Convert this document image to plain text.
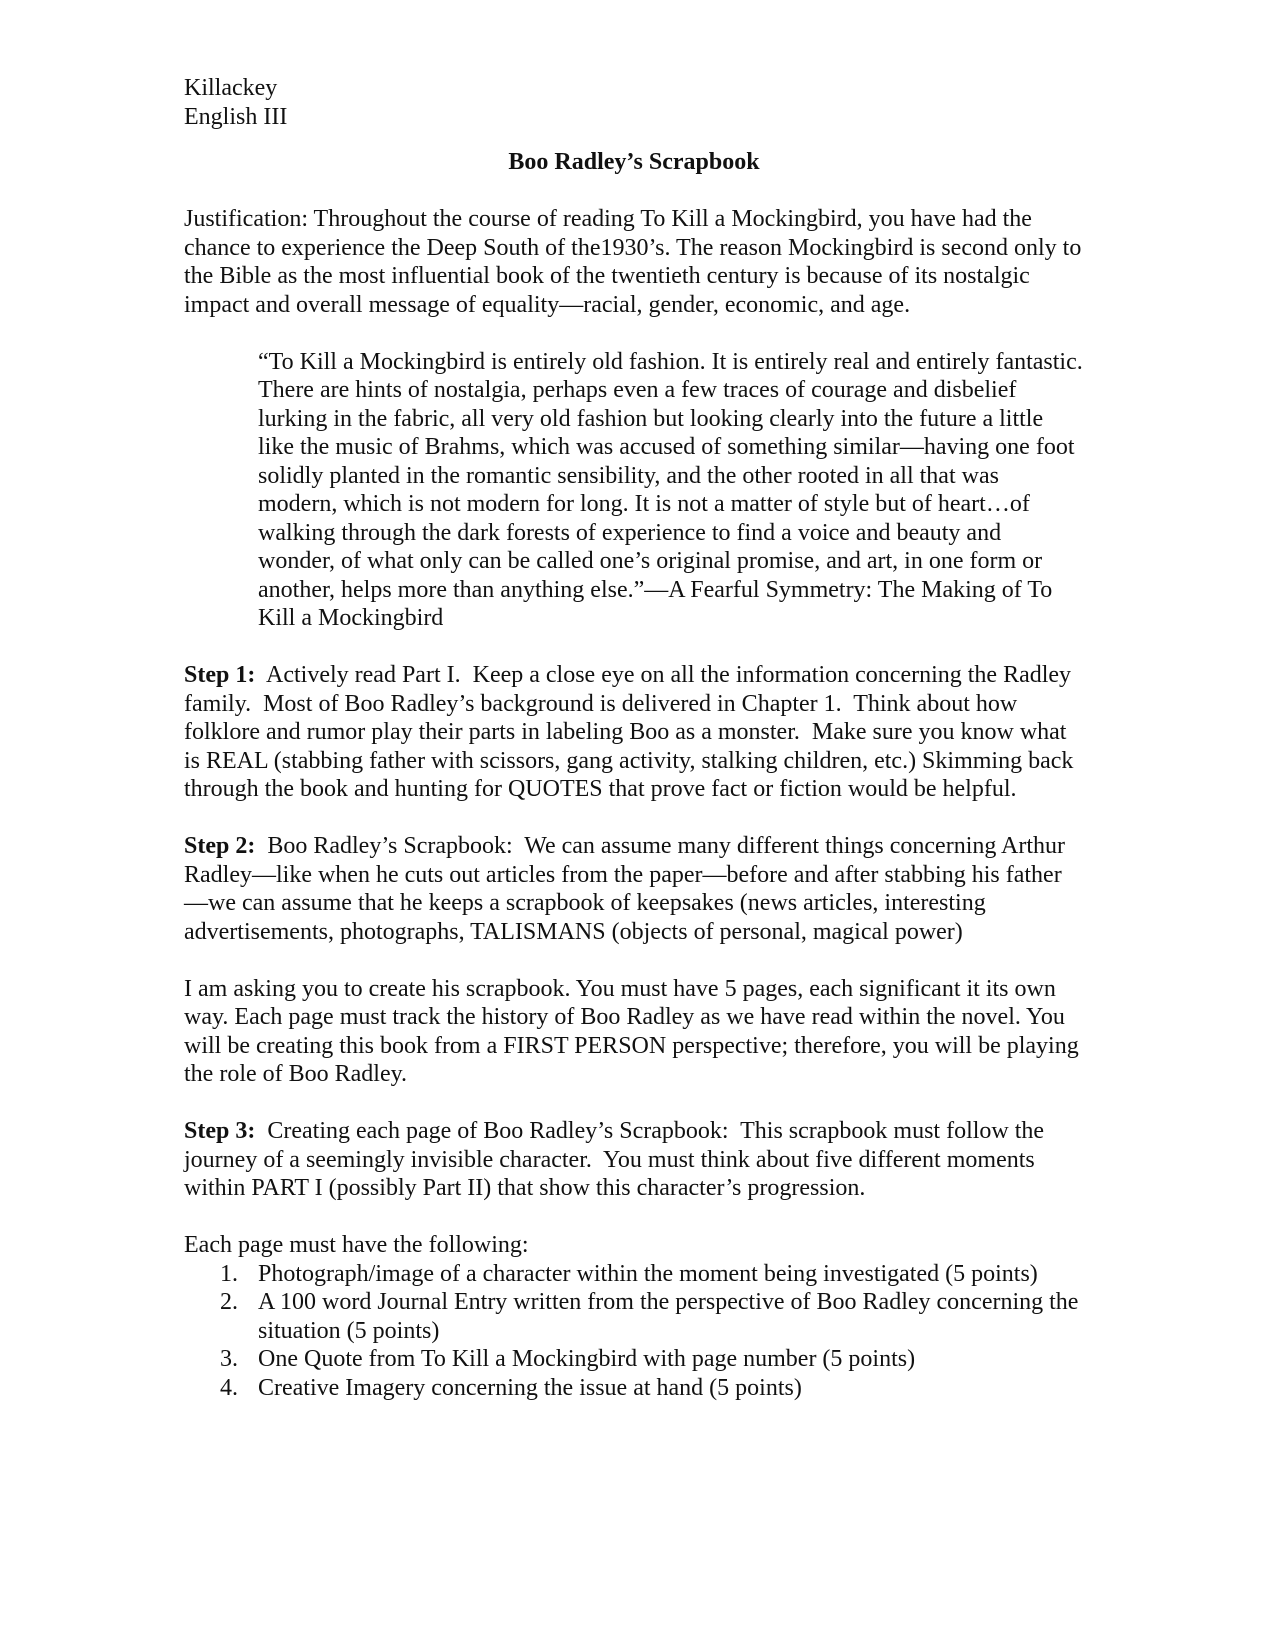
Killackey

English III

Boo Radley’s Scrapbook

Justification: Throughout the course of reading To Kill a Mockingbird, you have had the chance to experience the Deep South of the1930’s. The reason Mockingbird is second only to the Bible as the most influential book of the twentieth century is because of its nostalgic impact and overall message of equality—racial, gender, economic, and age.

“To Kill a Mockingbird is entirely old fashion. It is entirely real and entirely fantastic. There are hints of nostalgia, perhaps even a few traces of courage and disbelief lurking in the fabric, all very old fashion but looking clearly into the future a little like the music of Brahms, which was accused of something similar—having one foot solidly planted in the romantic sensibility, and the other rooted in all that was modern, which is not modern for long. It is not a matter of style but of heart…of walking through the dark forests of experience to find a voice and beauty and wonder, of what only can be called one’s original promise, and art, in one form or another, helps more than anything else.”—A Fearful Symmetry: The Making of To Kill a Mockingbird

Step 1:  Actively read Part I.  Keep a close eye on all the information concerning the Radley family.  Most of Boo Radley’s background is delivered in Chapter 1.  Think about how folklore and rumor play their parts in labeling Boo as a monster.  Make sure you know what is REAL (stabbing father with scissors, gang activity, stalking children, etc.) Skimming back through the book and hunting for QUOTES that prove fact or fiction would be helpful.

Step 2:  Boo Radley’s Scrapbook:  We can assume many different things concerning Arthur Radley—like when he cuts out articles from the paper—before and after stabbing his father—we can assume that he keeps a scrapbook of keepsakes (news articles, interesting advertisements, photographs, TALISMANS (objects of personal, magical power)

I am asking you to create his scrapbook. You must have 5 pages, each significant it its own way. Each page must track the history of Boo Radley as we have read within the novel. You will be creating this book from a FIRST PERSON perspective; therefore, you will be playing the role of Boo Radley.

Step 3:  Creating each page of Boo Radley’s Scrapbook:  This scrapbook must follow the journey of a seemingly invisible character.  You must think about five different moments within PART I (possibly Part II) that show this character’s progression.

Each page must have the following:

1. Photograph/image of a character within the moment being investigated (5 points)
2. A 100 word Journal Entry written from the perspective of Boo Radley concerning the situation (5 points)
3. One Quote from To Kill a Mockingbird with page number (5 points)
4. Creative Imagery concerning the issue at hand (5 points)
